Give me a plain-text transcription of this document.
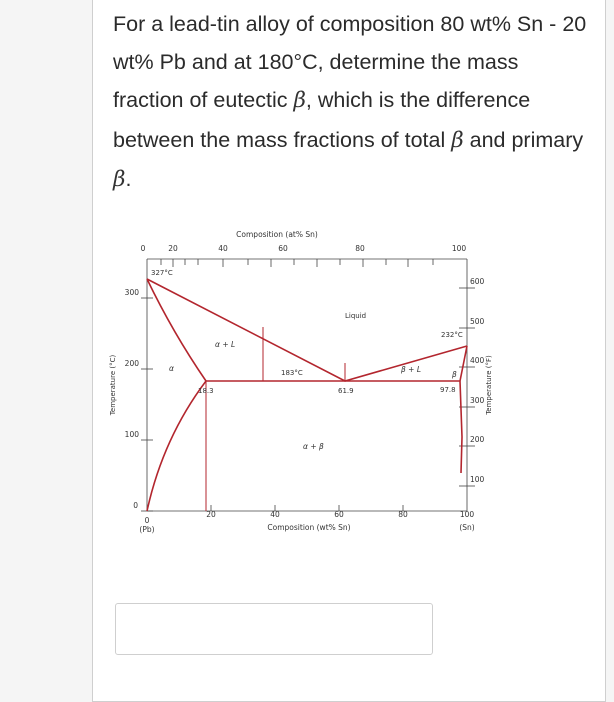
For a lead-tin alloy of composition 80 wt% Sn - 20 wt% Pb and at 180°C, determine the mass fraction of eutectic β, which is the difference between the mass fractions of total β and primary β.

Composition (at% Sn)
0	20	40	60	80	100
0
20	40	60	80	100
(Pb)	(Sn)
Composition (wt% Sn)
0
100
200
300
100
200
300
400
500
600
Temperature (°C)	Temperature (°F)
327°C
232°C
183°C
18.3	61.9	97.8
Liquid
α + L
β + L
α + β
α
β
